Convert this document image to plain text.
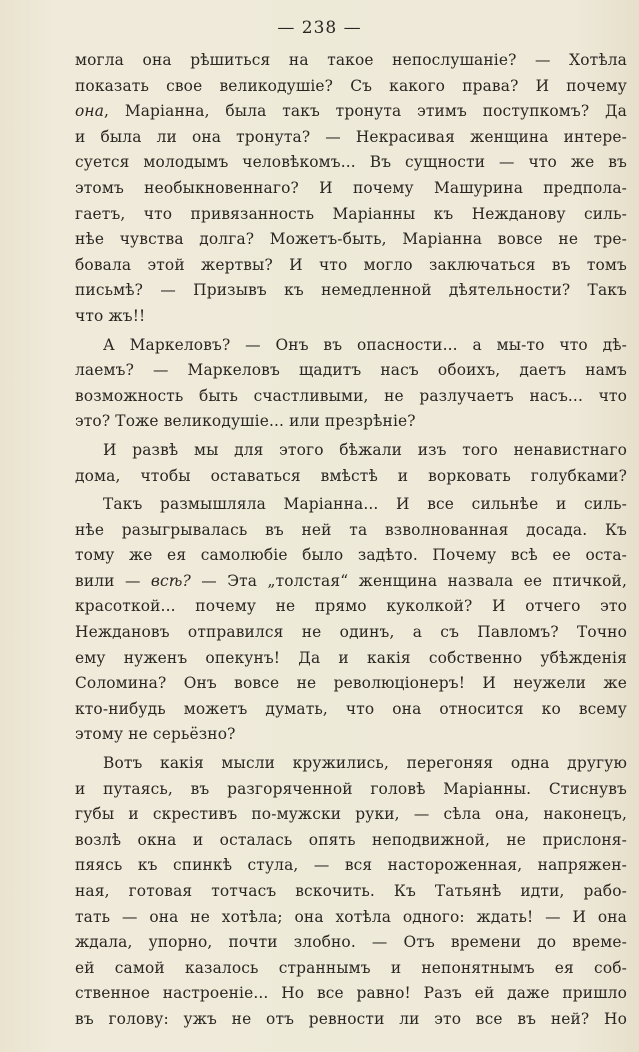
— 238 —
могла она рѣшиться на такое непослушаніе? — Хотѣла
показать свое великодушіе? Съ какого права? И почему
она, Маріанна, была такъ тронута этимъ поступкомъ? Да
и была ли она тронута? — Некрасивая женщина интере-
суется молодымъ человѣкомъ... Въ сущности — что же въ
этомъ необыкновеннаго? И почему Машурина предпола-
гаетъ, что привязанность Маріанны къ Нежданову силь-
нѣе чувства долга? Можетъ-быть, Маріанна вовсе не тре-
бовала этой жертвы? И что могло заключаться въ томъ
письмѣ? — Призывъ къ немедленной дѣятельности? Такъ
что жъ!!
А Маркеловъ? — Онъ въ опасности... а мы-то что дѣ-
лаемъ? — Маркеловъ щадитъ насъ обоихъ, даетъ намъ
возможность быть счастливыми, не разлучаетъ насъ... что
это? Тоже великодушіе... или презрѣніе?
И развѣ мы для этого бѣжали изъ того ненавистнаго
дома, чтобы оставаться вмѣстѣ и ворковать голубками?
Такъ размышляла Маріанна... И все сильнѣе и силь-
нѣе разыгрывалась въ ней та взволнованная досада. Къ
тому же ея самолюбіе было задѣто. Почему всѣ ее оста-
вили — всѣ? — Эта „толстая“ женщина назвала ее птичкой,
красоткой... почему не прямо куколкой? И отчего это
Неждановъ отправился не одинъ, а съ Павломъ? Точно
ему нуженъ опекунъ! Да и какія собственно убѣжденія
Соломина? Онъ вовсе не революціонеръ! И неужели же
кто-нибудь можетъ думать, что она относится ко всему
этому не серьёзно?
Вотъ какія мысли кружились, перегоняя одна другую
и путаясь, въ разгоряченной головѣ Маріанны. Стиснувъ
губы и скрестивъ по-мужски руки, — сѣла она, наконецъ,
возлѣ окна и осталась опять неподвижной, не прислоня-
пяясь къ спинкѣ стула, — вся настороженная, напряжен-
ная, готовая тотчасъ вскочить. Къ Татьянѣ идти, рабо-
тать — она не хотѣла; она хотѣла одного: ждать! — И она
ждала, упорно, почти злобно. — Отъ времени до време-
ей самой казалось страннымъ и непонятнымъ ея соб-
ственное настроеніе... Но все равно! Разъ ей даже пришло
въ голову: ужъ не отъ ревности ли это все въ ней? Но
